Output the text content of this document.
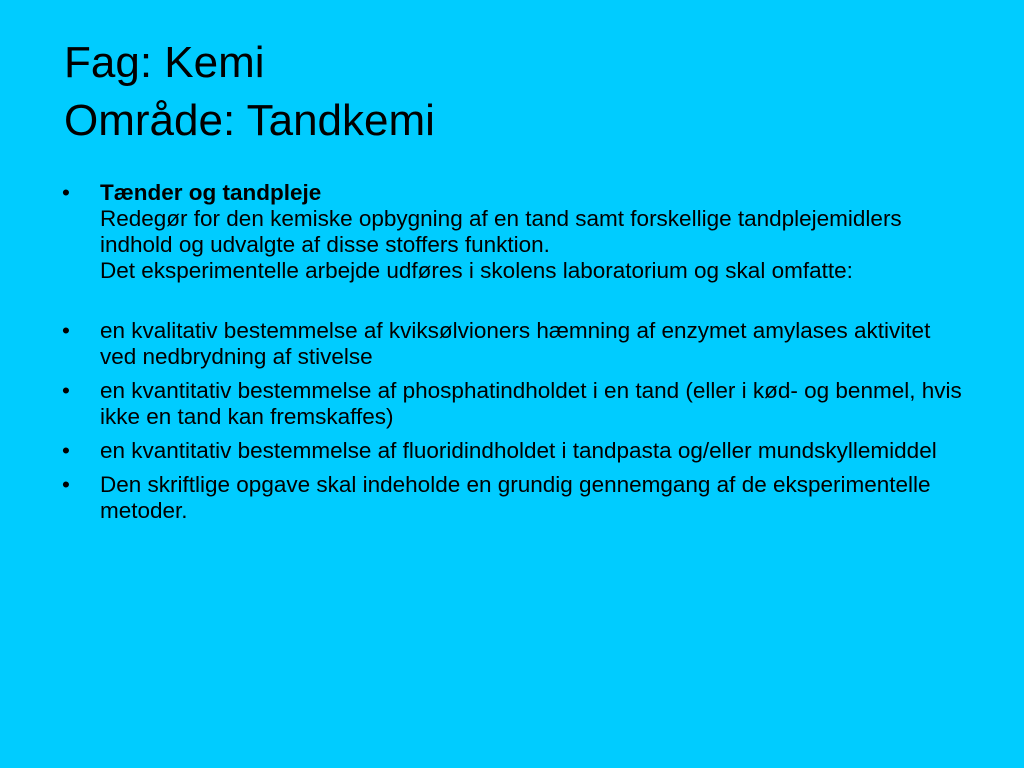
Fag: Kemi
Område: Tandkemi
• Tænder og tandpleje
Redegør for den kemiske opbygning af en tand samt forskellige tandplejemidlers indhold og udvalgte af disse stoffers funktion.
Det eksperimentelle arbejde udføres i skolens laboratorium og skal omfatte:
• en kvalitativ bestemmelse af kviksølvioners hæmning af enzymet amylases aktivitet ved nedbrydning af stivelse
• en kvantitativ bestemmelse af phosphatindholdet i en tand (eller i kød- og benmel, hvis ikke en tand kan fremskaffes)
• en kvantitativ bestemmelse af fluoridindholdet i tandpasta og/eller mundskyllemiddel
• Den skriftlige opgave skal indeholde en grundig gennemgang af de eksperimentelle metoder.
